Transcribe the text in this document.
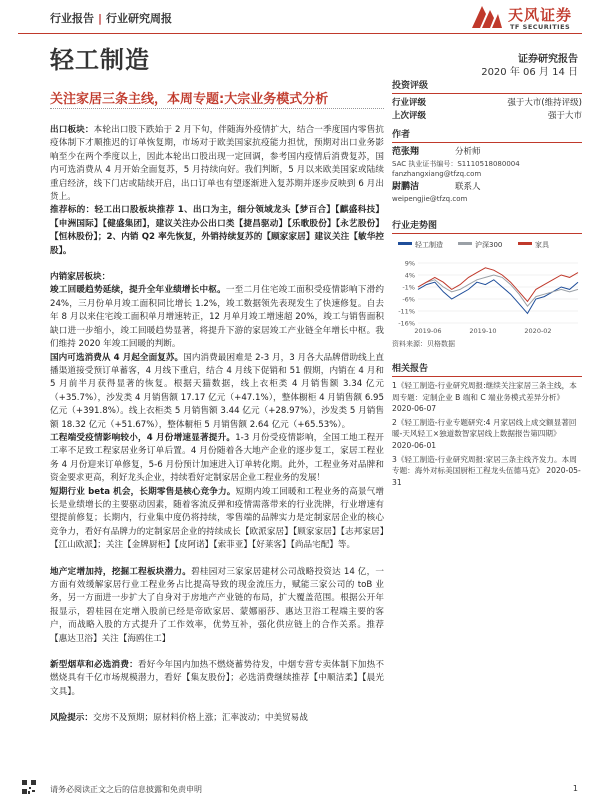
行业报告 | 行业研究周报	天风证券
TF SECURITIES
轻工制造	证券研究报告
2020 年 06 月 14 日
关注家居三条主线，本周专题:大宗业务模式分析

出口板块：本轮出口股下跌始于 2 月下旬，伴随海外疫情扩大，结合一季度国内零售抗疫体制下才顺推迟的订单恢复期，市场对于欧美国家抗疫能力担忧，预期对出口业务影响至少在两个季度以上，因此本轮出口股出现一定回调，参考国内疫情后消费复苏，国内可选消费从 4 月开始全面复苏，5 月持续向好。我们判断，5 月以来欧美国家或陆续重启经济，线下门店或陆续开启，出口订单也有望逐渐进入复苏期并逐步反映到 6 月出货上。

推荐标的：轻工出口股板块推荐 1、出口为主，细分领域龙头【梦百合】【麒盛科技】【申洲国际】【健盛集团】，建议关注办公出口类【捷昌驱动】【乐歌股份】【永艺股份】【恒林股份】；2、内销 Q2 率先恢复，外销持续复苏的【顾家家居】建议关注【敏华控股】。

内销家居板块：

竣工回暖趋势延续，提升全年业绩增长中枢。一至二月住宅竣工面积受疫情影响下滑约 24%，三月份单月竣工面积同比增长 1.2%，竣工数据领先表现发生了快速修复。自去年 8 月以来住宅竣工面积单月增速转正，12 月单月竣工增速超 20%，竣工与销售面积缺口进一步缩小，竣工回暖趋势显著，将提升下游的家居竣工产业链全年增长中枢。我们维持 2020 年竣工回暖的判断。

国内可选消费从 4 月起全面复苏。国内消费最困难是 2-3 月，3 月各大品牌借助线上直播渠道接受预订单蓄客，4 月线下重启，结合 4 月线下促销和 51 假期，内销在 4 月和 5 月前半月获得显著的恢复。根据天猫数据，线上衣柜类 4 月销售额 3.34 亿元（+35.7%），沙发类 4 月销售额 17.17 亿元（+47.1%），整体橱柜 4 月销售额 6.95 亿元（+391.8%）。线上衣柜类 5 月销售额 3.44 亿元（+28.97%），沙发类 5 月销售额 18.32 亿元（+51.67%），整体橱柜 5 月销售额 2.64 亿元（+65.53%）。

工程端受疫情影响较小，4 月份增速显著提升。1-3 月份受疫情影响，全国工地工程开工率不足致工程家居业务订单后置。4 月份随着各大地产企业的逐步复工，家居工程业务 4 月份迎来订单修复，5-6 月份预计加速进入订单转化期。此外，工程业务对品牌和资金要求更高，利好龙头企业，持续看好定制家居企业工程业务的发展！

短期行业 beta 机会，长期零售是核心竞争力。短期内竣工回暖和工程业务的高景气增长是业绩增长的主要驱动因素，随着客流反弹和疫情需落带来的行业洗牌，行业增速有望提前修复；长期内，行业集中度仍将持续，零售端的品牌实力是定制家居企业的核心竞争力，看好有品牌力的定制家居企业的持续成长【欧派家居】【顾家家居】【志邦家居】【江山欧派】；关注【金牌厨柜】【皮阿诺】【索菲亚】【好莱客】【尚品宅配】等。

地产定增加持，挖掘工程板块潜力。碧桂园对三家家居建材公司战略投资达 14 亿，一方面有效缓解家居行业工程业务占比提高导致的现金流压力，赋能三家公司的 toB 业务，另一方面进一步扩大了自身对于房地产产业链的布局，扩大覆盖范围。根据公开年报显示，碧桂园在定增入股前已经是帝欧家居、蒙娜丽莎、惠达卫浴工程端主要的客户，而战略入股的方式提升了工作效率，优势互补，强化供应链上的合作关系。推荐【惠达卫浴】关注【海鸥住工】

新型烟草和必选消费：看好今年国内加热不燃烧蓄势待发，中烟专营专卖体制下加热不燃烧具有千亿市场规模潜力，看好【集友股份】；必选消费继续推荐【中顺洁柔】【晨光文具】。

风险提示：交房不及预期；原材料价格上涨；汇率波动；中美贸易战

投资评级
行业评级	强于大市(维持评级)
上次评级	强于大市
作者
范张翔	分析师
SAC 执业证书编号：S1110518080004
fanzhangxiang@tfzq.com
尉鹏洁	联系人
weipengjie@tfzq.com
行业走势图
轻工制造	沪深300	家具
9%
4%
-1%
-6%
-11%
-16%
2019-06	2019-10	2020-02
资料来源：贝格数据
相关报告
1《轻工制造-行业研究周报:继续关注家居三条主线，本周专题：定制企业 B 端和 C 端业务模式差异分析》 2020-06-07
2《轻工制造-行业专题研究:4 月家居线上成交额显著回暖-天风轻工×独道数智家居线上数据报告第四期》 2020-06-01
3《轻工制造-行业研究周报:家居三条主线齐发力。本周专题：海外对标美国厨柜工程龙头伍德马克》 2020-05-31
请务必阅读正文之后的信息披露和免责申明	1
